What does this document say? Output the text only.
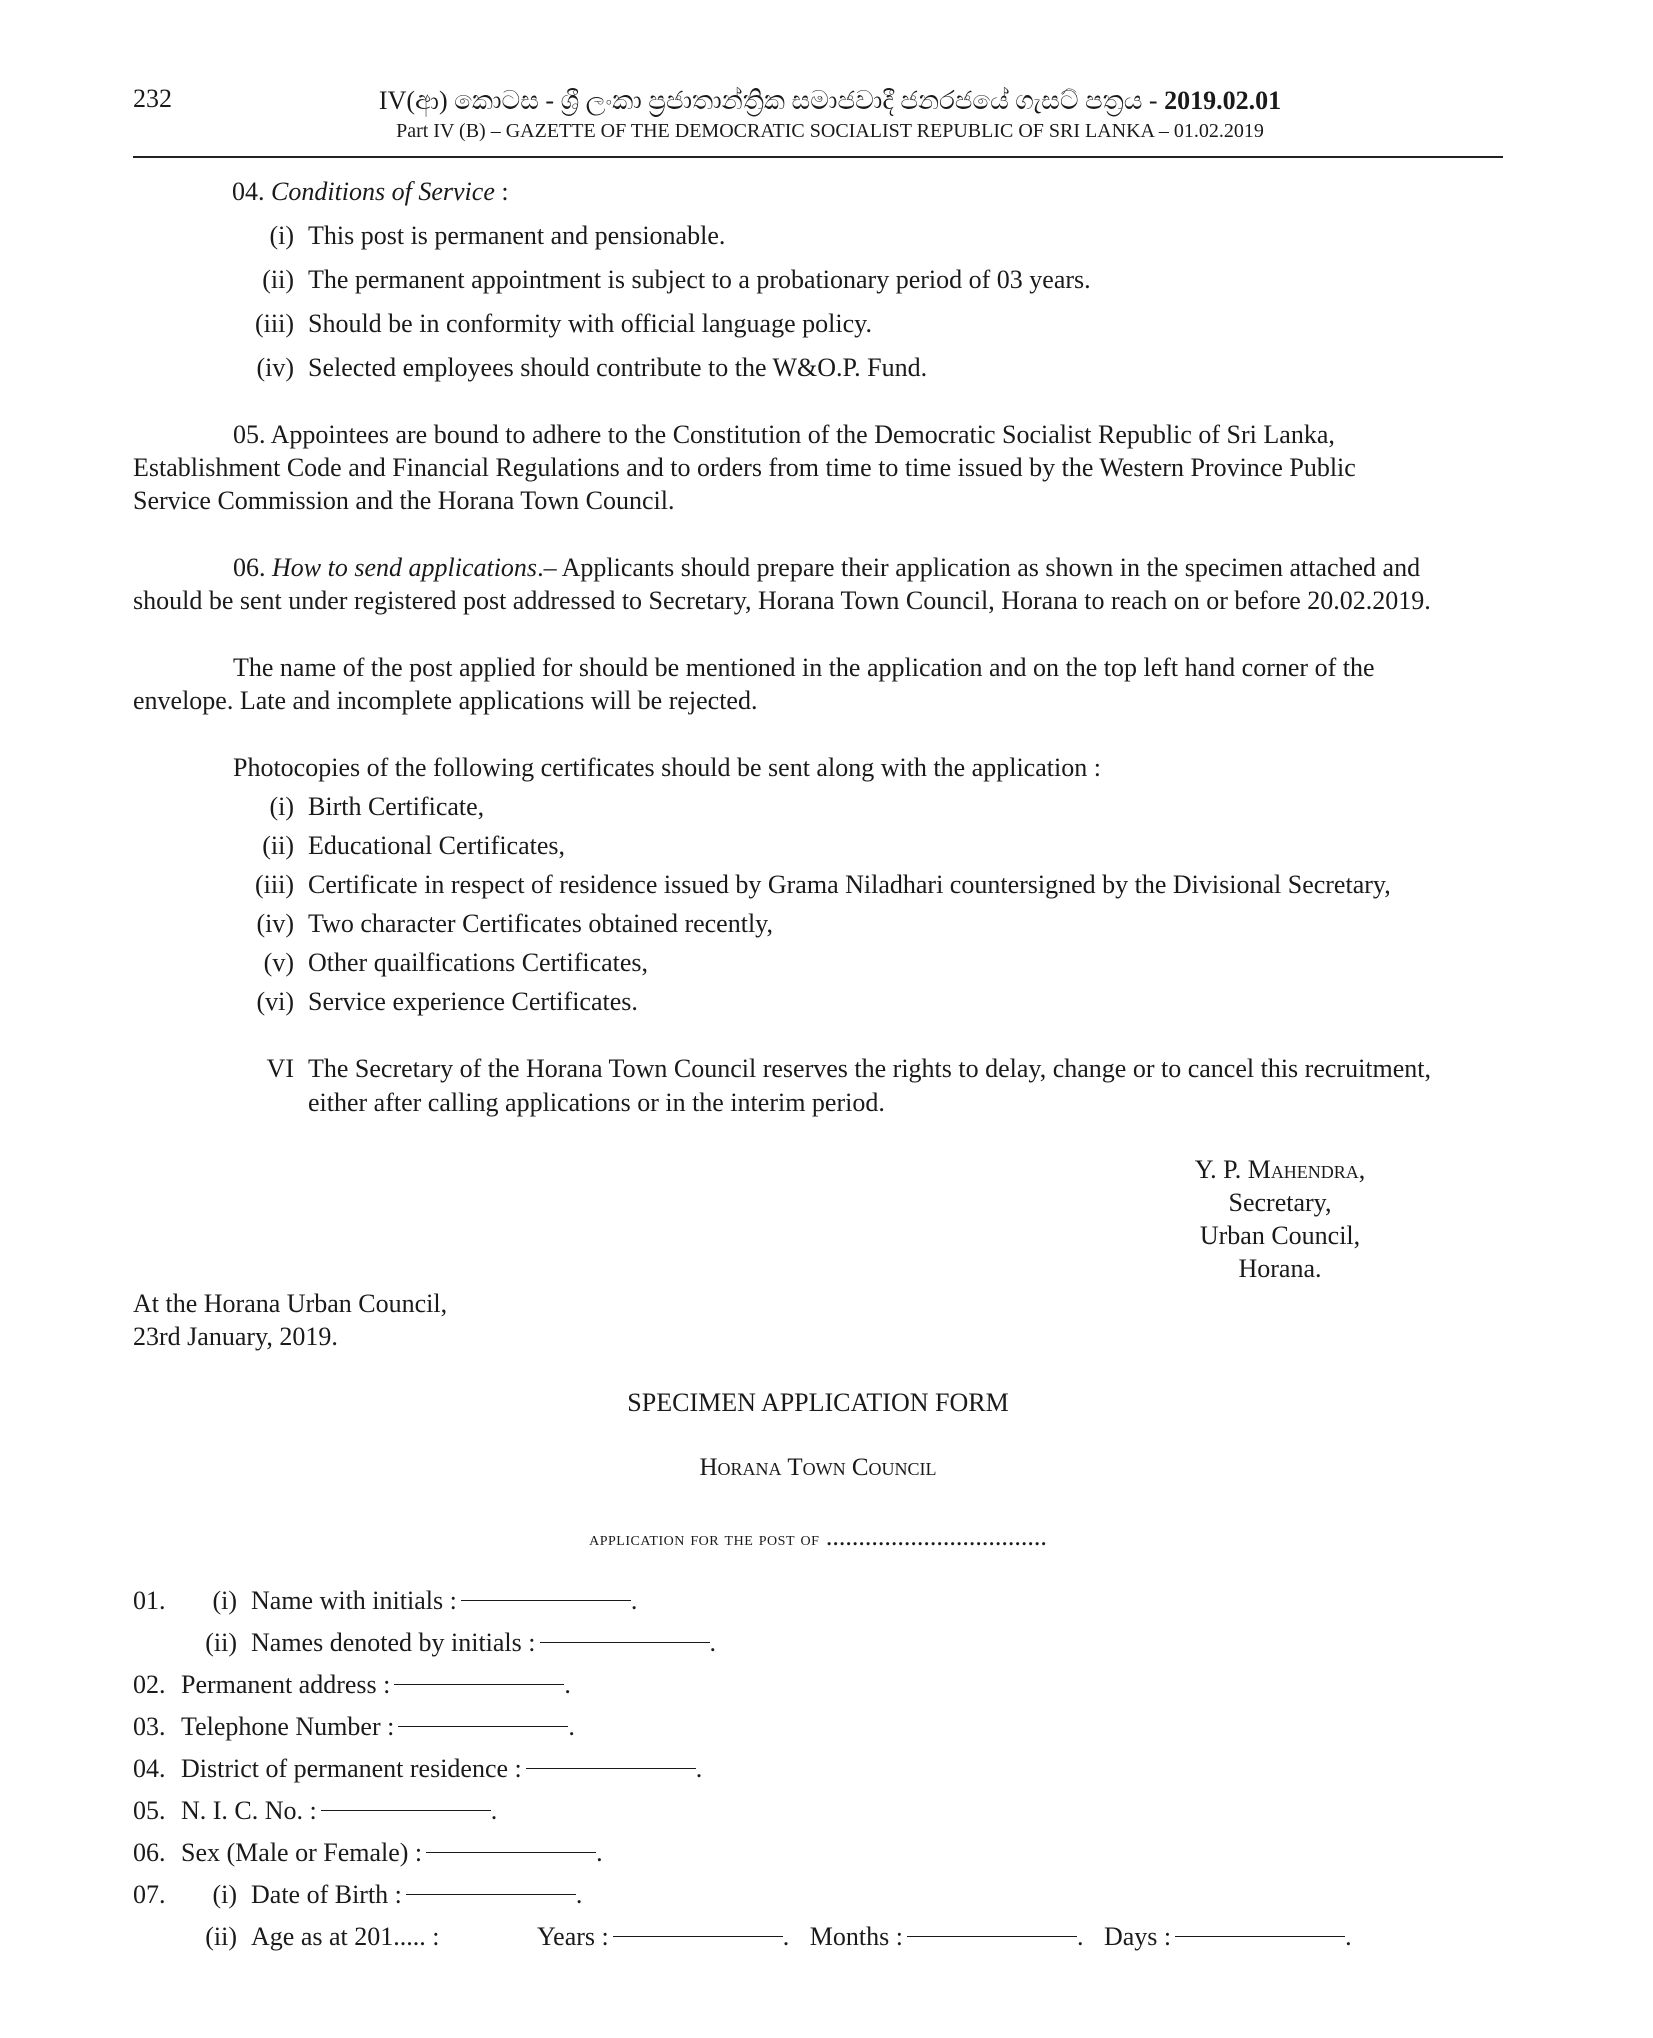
232	IV(ආ) කොටස - ශ්‍රී ලංකා ප්‍රජාතාන්ත්‍රික සමාජවාදී ජනරජයේ ගැසට් පත්‍රය - 2019.02.01
Part IV (B) – GAZETTE OF THE DEMOCRATIC SOCIALIST REPUBLIC OF SRI LANKA – 01.02.2019
04. Conditions of Service :
(i) This post is permanent and pensionable.
(ii) The permanent appointment is subject to a probationary period of 03 years.
(iii) Should be in conformity with official language policy.
(iv) Selected employees should contribute to the W&O.P. Fund.
05. Appointees are bound to adhere to the Constitution of the Democratic Socialist Republic of Sri Lanka,
Establishment Code and Financial Regulations and to orders from time to time issued by the Western Province Public
Service Commission and the Horana Town Council.
06. How to send applications.– Applicants should prepare their application as shown in the specimen attached and
should be sent under registered post addressed to Secretary, Horana Town Council, Horana to reach on or before 20.02.2019.
The name of the post applied for should be mentioned in the application and on the top left hand corner of the
envelope. Late and incomplete applications will be rejected.
Photocopies of the following certificates should be sent along with the application :
(i) Birth Certificate,
(ii) Educational Certificates,
(iii) Certificate in respect of residence issued by Grama Niladhari countersigned by the Divisional Secretary,
(iv) Two character Certificates obtained recently,
(v) Other quailfications Certificates,
(vi) Service experience Certificates.
VI The Secretary of the Horana Town Council reserves the rights to delay, change or to cancel this recruitment,
either after calling applications or in the interim period.
Y. P. Mahendra,
Secretary,
Urban Council,
Horana.
At the Horana Urban Council,
23rd January, 2019.
SPECIMEN APPLICATION FORM
Horana Town Council
application for the post of ..................................
01. (i) Name with initials :	.
(ii) Names denoted by initials :	.
02. Permanent address :	.
03. Telephone Number :	.
04. District of permanent residence :	.
05. N. I. C. No. :	.
06. Sex (Male or Female) :	.
07. (i) Date of Birth :	.
(ii) Age as at 201..... :	Years :	. Months :	. Days :	.
